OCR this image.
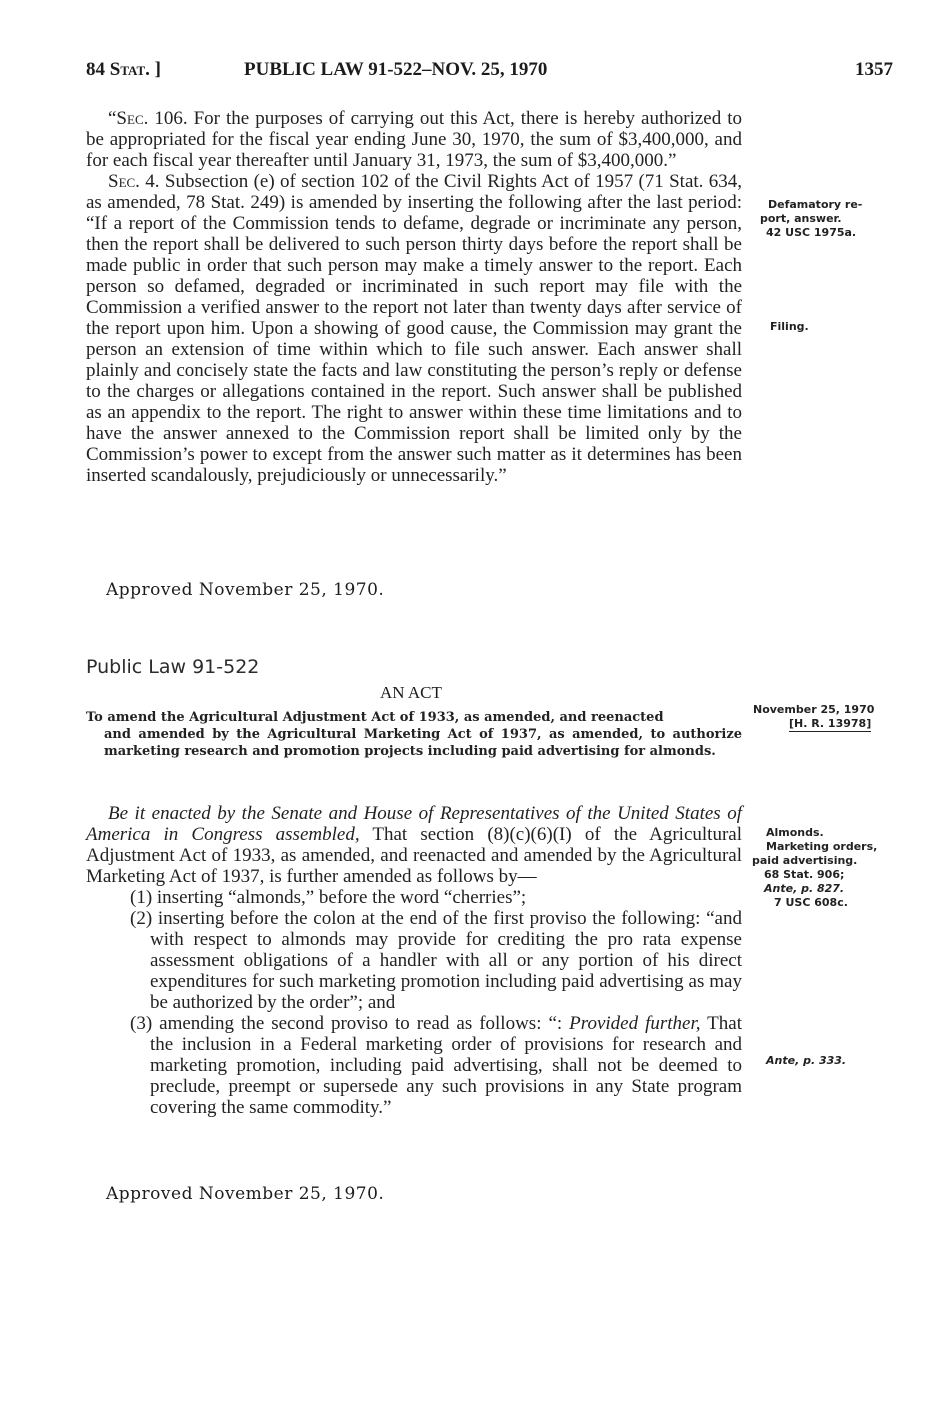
84 Stat. ]	PUBLIC LAW 91-522–NOV. 25, 1970	1357

“Sec. 106. For the purposes of carrying out this Act, there is hereby authorized to be appropriated for the fiscal year ending June 30, 1970, the sum of $3,400,000, and for each fiscal year thereafter until January 31, 1973, the sum of $3,400,000.”

Sec. 4. Subsection (e) of section 102 of the Civil Rights Act of 1957 (71 Stat. 634, as amended, 78 Stat. 249) is amended by inserting the following after the last period: “If a report of the Commission tends to defame, degrade or incriminate any person, then the report shall be delivered to such person thirty days before the report shall be made public in order that such person may make a timely answer to the report. Each person so defamed, degraded or incriminated in such report may file with the Commission a verified answer to the report not later than twenty days after service of the report upon him. Upon a showing of good cause, the Commission may grant the person an extension of time within which to file such answer. Each answer shall plainly and concisely state the facts and law constituting the person’s reply or defense to the charges or allegations contained in the report. Such answer shall be published as an appendix to the report. The right to answer within these time limitations and to have the answer annexed to the Commission report shall be limited only by the Commission’s power to except from the answer such matter as it determines has been inserted scandalously, prejudiciously or unnecessarily.”

Approved November 25, 1970.
Public Law 91-522
AN ACT
To amend the Agricultural Adjustment Act of 1933, as amended, and reenacted
and amended by the Agricultural Marketing Act of 1937, as amended, to authorize marketing research and promotion projects including paid advertising for almonds.

Be it enacted by the Senate and House of Representatives of the United States of America in Congress assembled, That section (8)(c)(6)(I) of the Agricultural Adjustment Act of 1933, as amended, and reenacted and amended by the Agricultural Marketing Act of 1937, is further amended as follows by—

(1) inserting “almonds,” before the word “cherries”;

(2) inserting before the colon at the end of the first proviso the following: “and with respect to almonds may provide for crediting the pro rata expense assessment obligations of a handler with all or any portion of his direct expenditures for such marketing promotion including paid advertising as may be authorized by the order”; and

(3) amending the second proviso to read as follows: “: Provided further, That the inclusion in a Federal marketing order of provisions for research and marketing promotion, including paid advertising, shall not be deemed to preclude, preempt or supersede any such provisions in any State program covering the same commodity.”

Approved November 25, 1970.
Defamatory re-
port, answer.
42 USC 1975a.
Filing.
November 25, 1970
[H. R. 13978]
Almonds.
Marketing orders,
paid advertising.
68 Stat. 906;
Ante, p. 827.
7 USC 608c.
Ante, p. 333.
